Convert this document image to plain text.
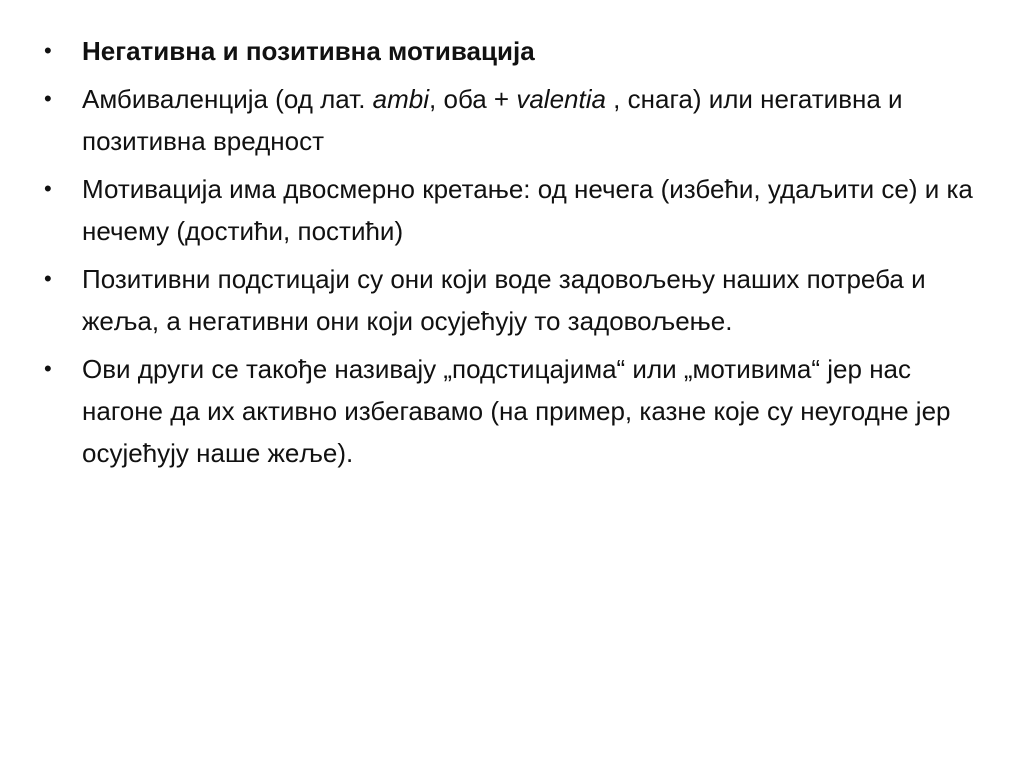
•	Негативна и позитивна мотивација
•	Амбиваленција (од лат. ambi, оба + valentia , снага) или негативна и позитивна вредност
•	Мотивација има двосмерно кретање: од нечега (избећи, удаљити се) и ка нечему (достићи, постићи)
•	Позитивни подстицаји су они који воде задовољењу наших потреба и жеља, а негативни они који осујећују то задовољење.
•	Ови други се такође називају „подстицајима“ или „мотивима“ јер нас нагоне да их активно избегавамо (на пример, казне које су неугодне јер осујећују наше жеље).
